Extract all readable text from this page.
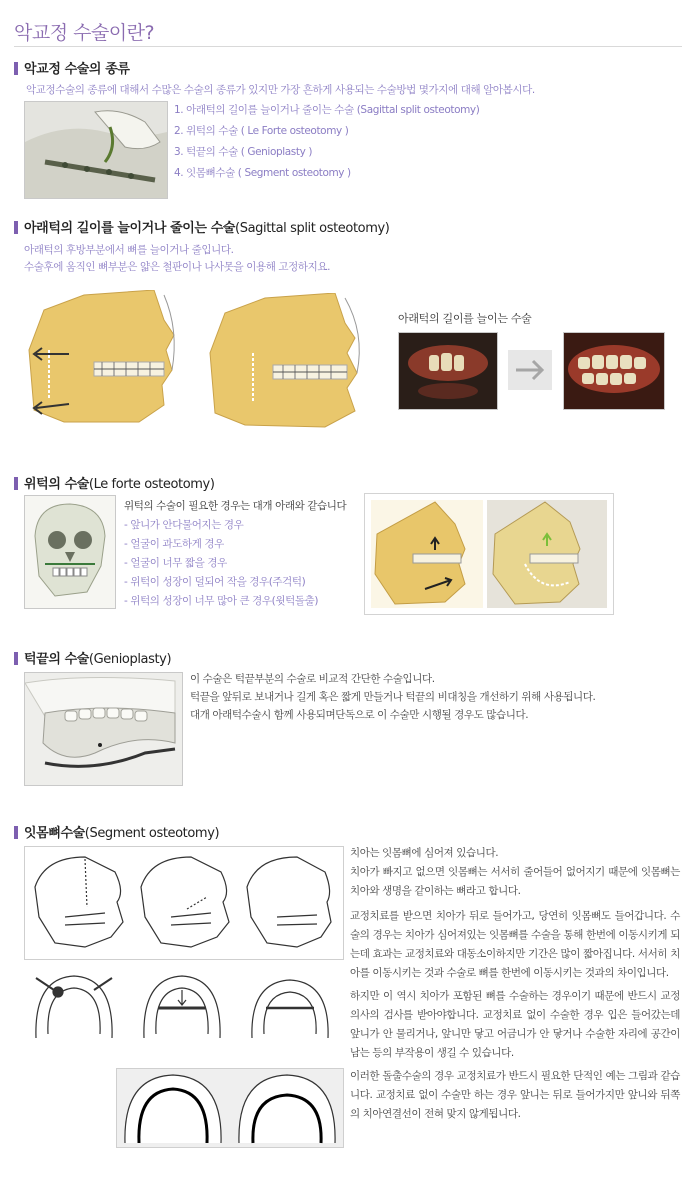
악교정 수술이란?
악교정 수술의 종류
악교정수술의 종류에 대해서 수많은 수술의 종류가 있지만 가장 흔하게 사용되는 수술방법 몇가지에 대해 알아봅시다.
1. 아래턱의 길이를 늘이거나 줄이는 수술 (Sagittal split osteotomy)
2. 위턱의 수술 ( Le Forte osteotomy )
3. 턱끝의 수술 ( Genioplasty )
4. 잇몸뼈수술 ( Segment osteotomy )
아래턱의 길이를 늘이거나 줄이는 수술(Sagittal split osteotomy)
아래턱의 후방부분에서 뼈를 늘이거나 줄입니다.
수술후에 움직인 뼈부분은 얇은 철판이나 나사못을 이용해 고정하지요.
아래턱의 길이를 늘이는 수술
위턱의 수술(Le forte osteotomy)
위턱의 수술이 필요한 경우는 대개 아래와 같습니다
- 앞니가 안다물어지는 경우
- 얼굴이 과도하게 경우
- 얼굴이 너무 짧을 경우
- 위턱이 성장이 덜되어 작을 경우(주걱턱)
- 위턱의 성장이 너무 많아 큰 경우(윗턱돌출)
턱끝의 수술(Genioplasty)
이 수술은 턱끝부분의 수술로 비교적 간단한 수술입니다.
턱끝을 앞뒤로 보내거나 길게 혹은 짧게 만들거나 턱끝의 비대칭을 개선하기 위해 사용됩니다.
대개 아래턱수술시 함께 사용되며단독으로 이 수술만 시행될 경우도 많습니다.
잇몸뼈수술(Segment osteotomy)
치아는 잇몸뼈에 심어져 있습니다.
치아가 빠지고 없으면 잇몸뼈는 서서히 줄어들어 없어지기 때문에 잇몸뼈는 치아와 생명을 같이하는 뼈라고 합니다.
교정치료를 받으면 치아가 뒤로 들어가고, 당연히 잇몸뼈도 들어갑니다. 수술의 경우는 치아가 심어져있는 잇몸뼈를 수술을 통해 한번에 이동시키게 되는데 효과는 교정치료와 대동소이하지만 기간은 많이 짧아집니다. 서서히 치아를 이동시키는 것과 수술로 뼈를 한번에 이동시키는 것과의 차이입니다.
하지만 이 역시 치아가 포함된 뼈를 수술하는 경우이기 때문에 반드시 교정의사의 검사를 받아야합니다. 교정치료 없이 수술한 경우 입은 들어갔는데 앞니가 안 물리거나, 앞니만 닿고 어금니가 안 닿거나 수술한 자리에 공간이 남는 등의 부작용이 생길 수 있습니다.
이러한 돌출수술의 경우 교정치료가 반드시 필요한 단적인 예는 그림과 같습니다. 교정치료 없이 수술만 하는 경우 앞니는 뒤로 들어가지만 앞니와 뒤쪽의 치아연결선이 전혀 맞지 않게됩니다.
